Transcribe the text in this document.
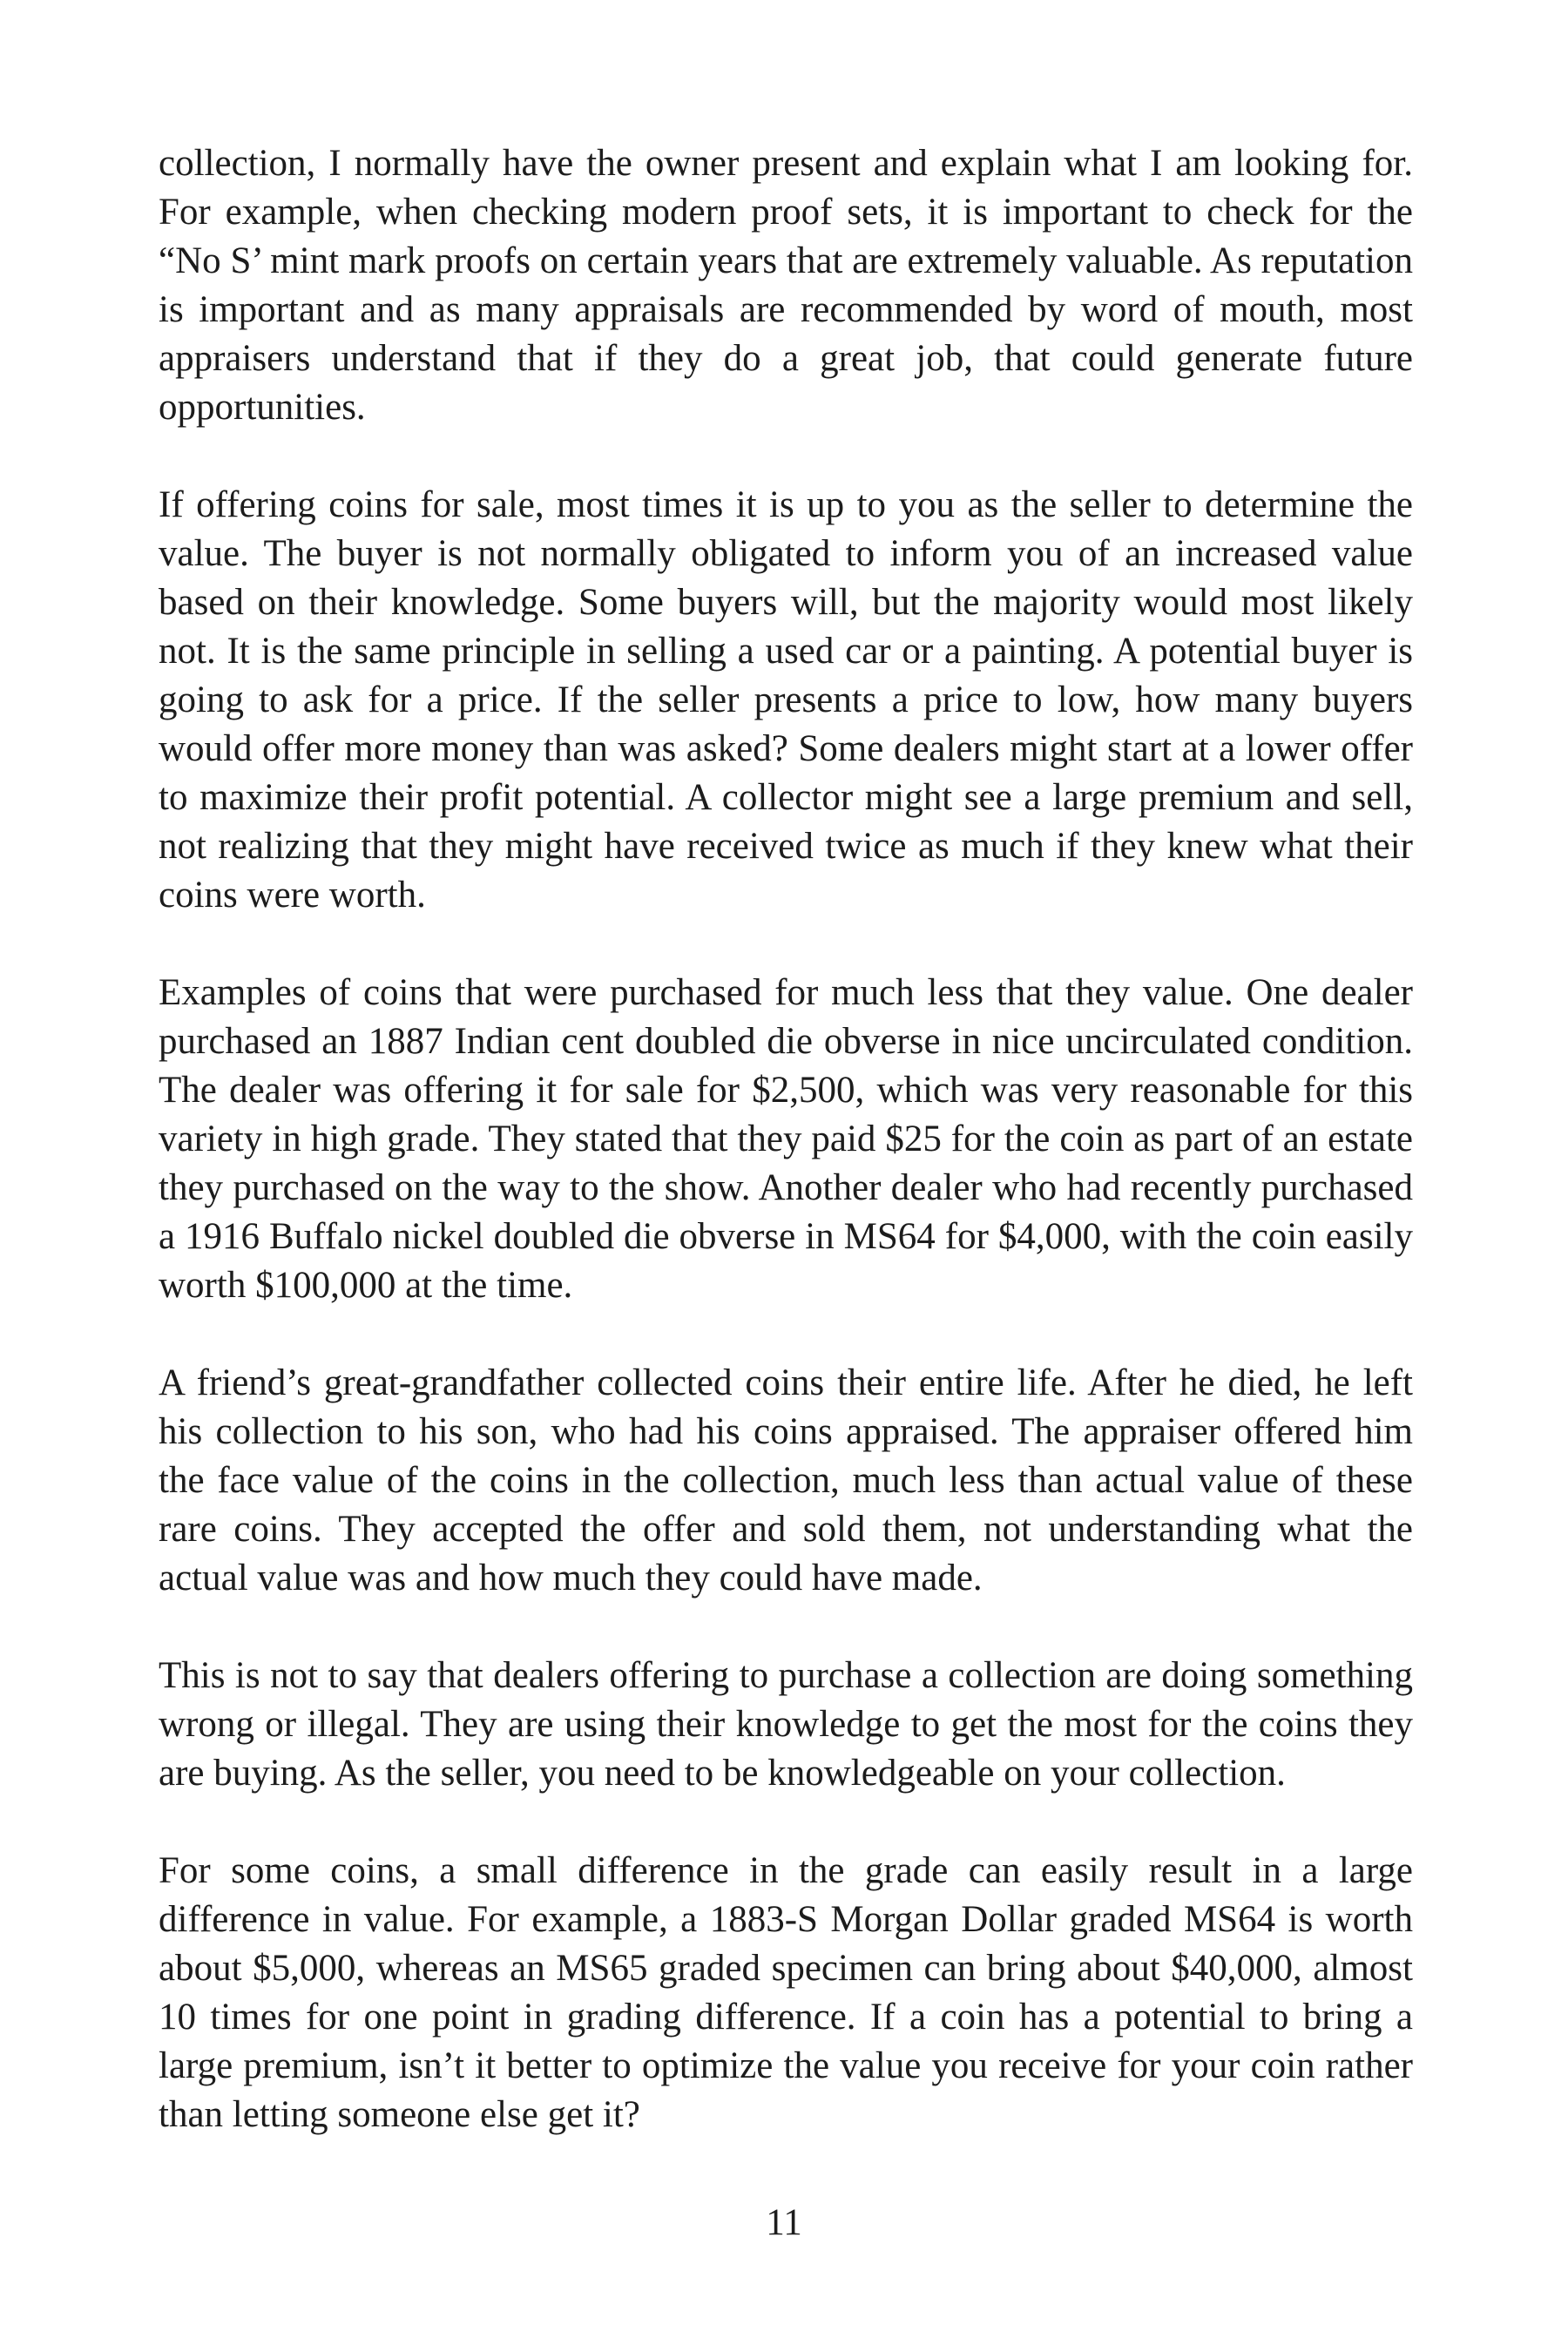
collection, I normally have the owner present and explain what I am looking for. For example, when checking modern proof sets, it is important to check for the “No S’ mint mark proofs on certain years that are extremely valuable. As reputation is important and as many appraisals are recommended by word of mouth, most appraisers understand that if they do a great job, that could generate future opportunities.

If offering coins for sale, most times it is up to you as the seller to determine the value. The buyer is not normally obligated to inform you of an increased value based on their knowledge. Some buyers will, but the majority would most likely not. It is the same principle in selling a used car or a painting. A potential buyer is going to ask for a price. If the seller presents a price to low, how many buyers would offer more money than was asked? Some dealers might start at a lower offer to maximize their profit potential. A collector might see a large premium and sell, not realizing that they might have received twice as much if they knew what their coins were worth.

Examples of coins that were purchased for much less that they value. One dealer purchased an 1887 Indian cent doubled die obverse in nice uncirculated condition. The dealer was offering it for sale for $2,500, which was very reasonable for this variety in high grade. They stated that they paid $25 for the coin as part of an estate they purchased on the way to the show. Another dealer who had recently purchased a 1916 Buffalo nickel doubled die obverse in MS64 for $4,000, with the coin easily worth $100,000 at the time.

A friend’s great-grandfather collected coins their entire life. After he died, he left his collection to his son, who had his coins appraised. The appraiser offered him the face value of the coins in the collection, much less than actual value of these rare coins. They accepted the offer and sold them, not understanding what the actual value was and how much they could have made.

This is not to say that dealers offering to purchase a collection are doing something wrong or illegal. They are using their knowledge to get the most for the coins they are buying. As the seller, you need to be knowledgeable on your collection.

For some coins, a small difference in the grade can easily result in a large difference in value. For example, a 1883-S Morgan Dollar graded MS64 is worth about $5,000, whereas an MS65 graded specimen can bring about $40,000, almost 10 times for one point in grading difference. If a coin has a potential to bring a large premium, isn’t it better to optimize the value you receive for your coin rather than letting someone else get it?

11
